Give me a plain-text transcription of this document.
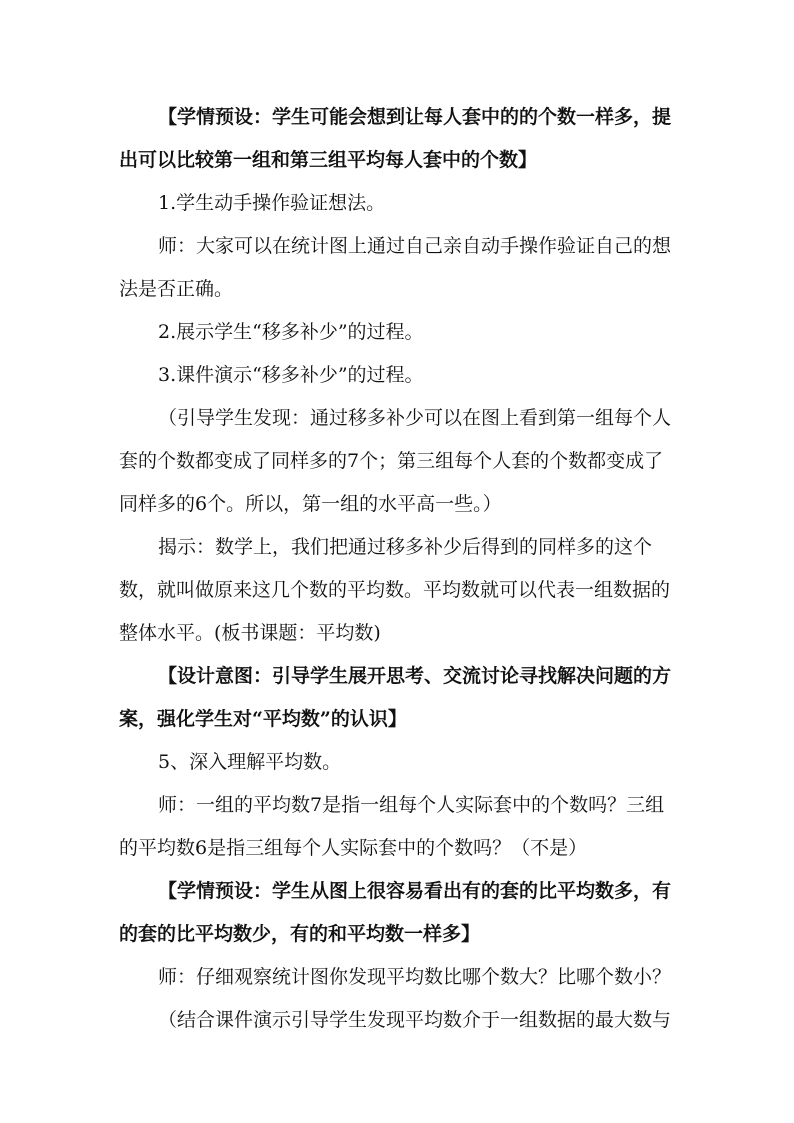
【学情预设：学生可能会想到让每人套中的的个数一样多，提
出可以比较第一组和第三组平均每人套中的个数】
1.学生动手操作验证想法。
师：大家可以在统计图上通过自己亲自动手操作验证自己的想
法是否正确。
2.展示学生“移多补少”的过程。
3.课件演示“移多补少”的过程。
（引导学生发现：通过移多补少可以在图上看到第一组每个人
套的个数都变成了同样多的7个；第三组每个人套的个数都变成了
同样多的6个。所以，第一组的水平高一些。）
揭示：数学上，我们把通过移多补少后得到的同样多的这个
数，就叫做原来这几个数的平均数。平均数就可以代表一组数据的
整体水平。(板书课题：平均数)
【设计意图：引导学生展开思考、交流讨论寻找解决问题的方
案，强化学生对“平均数”的认识】
5、深入理解平均数。
师：一组的平均数7是指一组每个人实际套中的个数吗？三组
的平均数6是指三组每个人实际套中的个数吗？（不是）
【学情预设：学生从图上很容易看出有的套的比平均数多，有
的套的比平均数少，有的和平均数一样多】
师：仔细观察统计图你发现平均数比哪个数大？比哪个数小？
（结合课件演示引导学生发现平均数介于一组数据的最大数与
